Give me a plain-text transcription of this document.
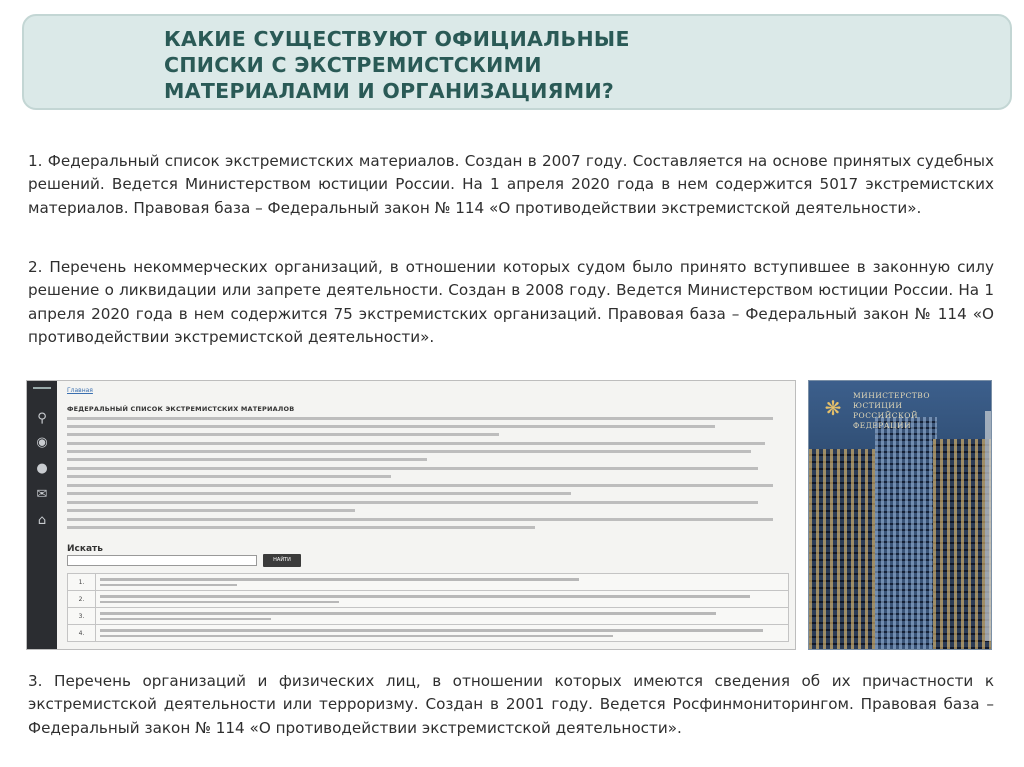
КАКИЕ СУЩЕСТВУЮТ ОФИЦИАЛЬНЫЕ
СПИСКИ С ЭКСТРЕМИСТСКИМИ
МАТЕРИАЛАМИ И ОРГАНИЗАЦИЯМИ?

1. Федеральный список экстремистских материалов. Создан в 2007 году. Составляется на основе принятых судебных решений. Ведется Министерством юстиции России. На 1 апреля 2020 года в нем содержится 5017 экстремистских материалов. Правовая база – Федеральный закон № 114 «О противодействии экстремистской деятельности».

2. Перечень некоммерческих организаций, в отношении которых судом было принято вступившее в законную силу решение о ликвидации или запрете деятельности. Создан в 2008 году. Ведется Министерством юстиции России. На 1 апреля 2020 года в нем содержится 75 экстремистских организаций. Правовая база – Федеральный закон № 114 «О противодействии экстремистской деятельности».

⚲
◉
●
✉
⌂
Главная
ФЕДЕРАЛЬНЫЙ СПИСОК ЭКСТРЕМИСТСКИХ МАТЕРИАЛОВ
Искать
НАЙТИ
1.	

2.	

3.	

4.	
❋
МИНИСТЕРСТВО
ЮСТИЦИИ
РОССИЙСКОЙ
ФЕДЕРАЦИИ

3. Перечень организаций и физических лиц, в отношении которых имеются сведения об их причастности к экстремистской деятельности или терроризму. Создан в 2001 году. Ведется Росфинмониторингом. Правовая база – Федеральный закон № 114 «О противодействии экстремистской деятельности».
